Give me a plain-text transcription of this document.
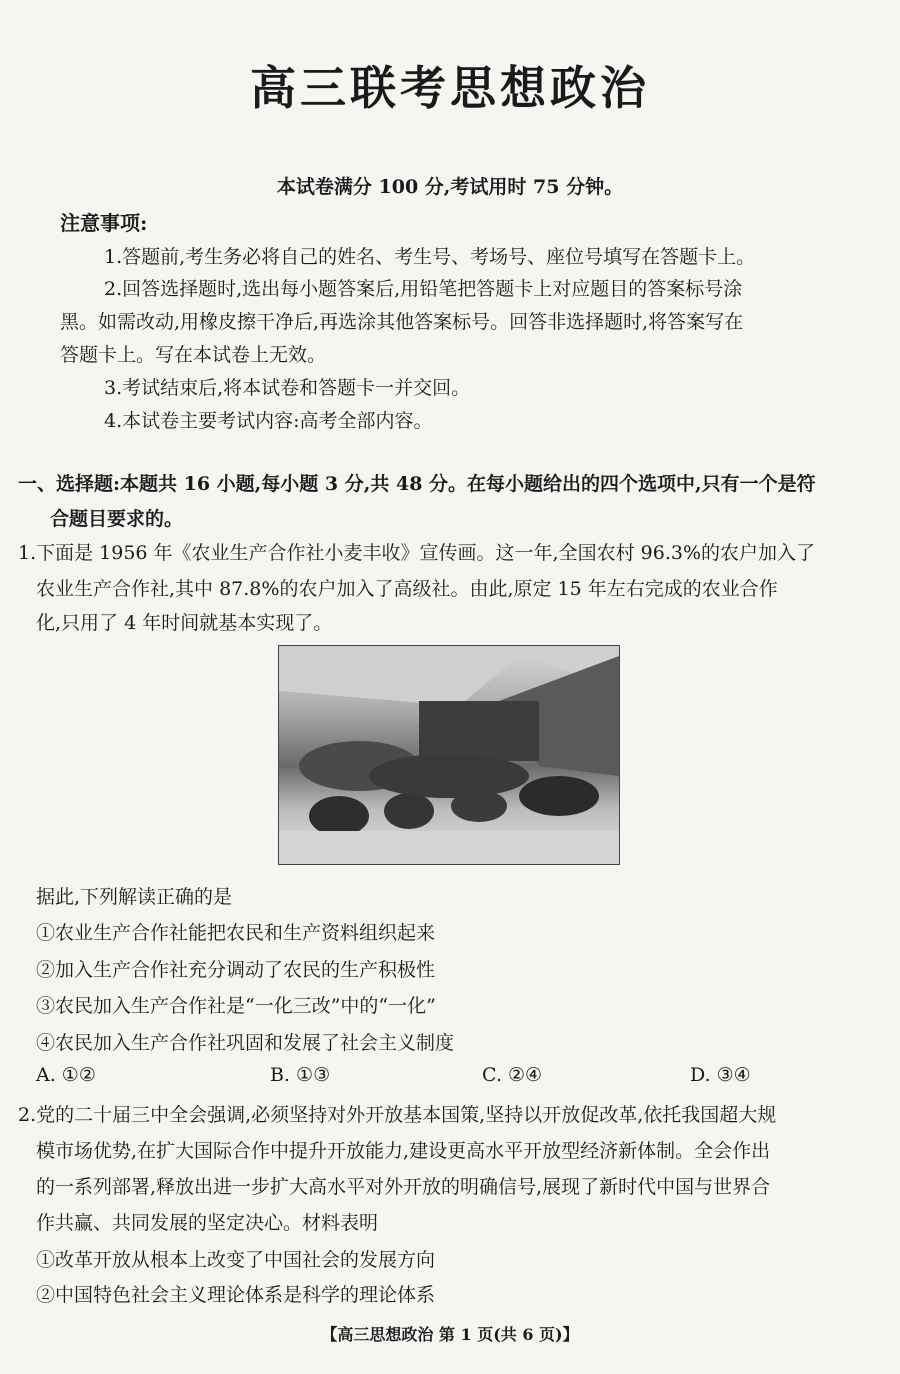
高三联考思想政治
本试卷满分 100 分,考试用时 75 分钟。
注意事项:
1.答题前,考生务必将自己的姓名、考生号、考场号、座位号填写在答题卡上。
2.回答选择题时,选出每小题答案后,用铅笔把答题卡上对应题目的答案标号涂
黑。如需改动,用橡皮擦干净后,再选涂其他答案标号。回答非选择题时,将答案写在
答题卡上。写在本试卷上无效。
3.考试结束后,将本试卷和答题卡一并交回。
4.本试卷主要考试内容:高考全部内容。
一、选择题:本题共 16 小题,每小题 3 分,共 48 分。在每小题给出的四个选项中,只有一个是符
合题目要求的。
1.下面是 1956 年《农业生产合作社小麦丰收》宣传画。这一年,全国农村 96.3%的农户加入了
农业生产合作社,其中 87.8%的农户加入了高级社。由此,原定 15 年左右完成的农业合作
化,只用了 4 年时间就基本实现了。
据此,下列解读正确的是
①农业生产合作社能把农民和生产资料组织起来
②加入生产合作社充分调动了农民的生产积极性
③农民加入生产合作社是“一化三改”中的“一化”
④农民加入生产合作社巩固和发展了社会主义制度
A. ①②	B. ①③	C. ②④	D. ③④
2.党的二十届三中全会强调,必须坚持对外开放基本国策,坚持以开放促改革,依托我国超大规
模市场优势,在扩大国际合作中提升开放能力,建设更高水平开放型经济新体制。全会作出
的一系列部署,释放出进一步扩大高水平对外开放的明确信号,展现了新时代中国与世界合
作共赢、共同发展的坚定决心。材料表明
①改革开放从根本上改变了中国社会的发展方向
②中国特色社会主义理论体系是科学的理论体系
【高三思想政治 第 1 页(共 6 页)】
